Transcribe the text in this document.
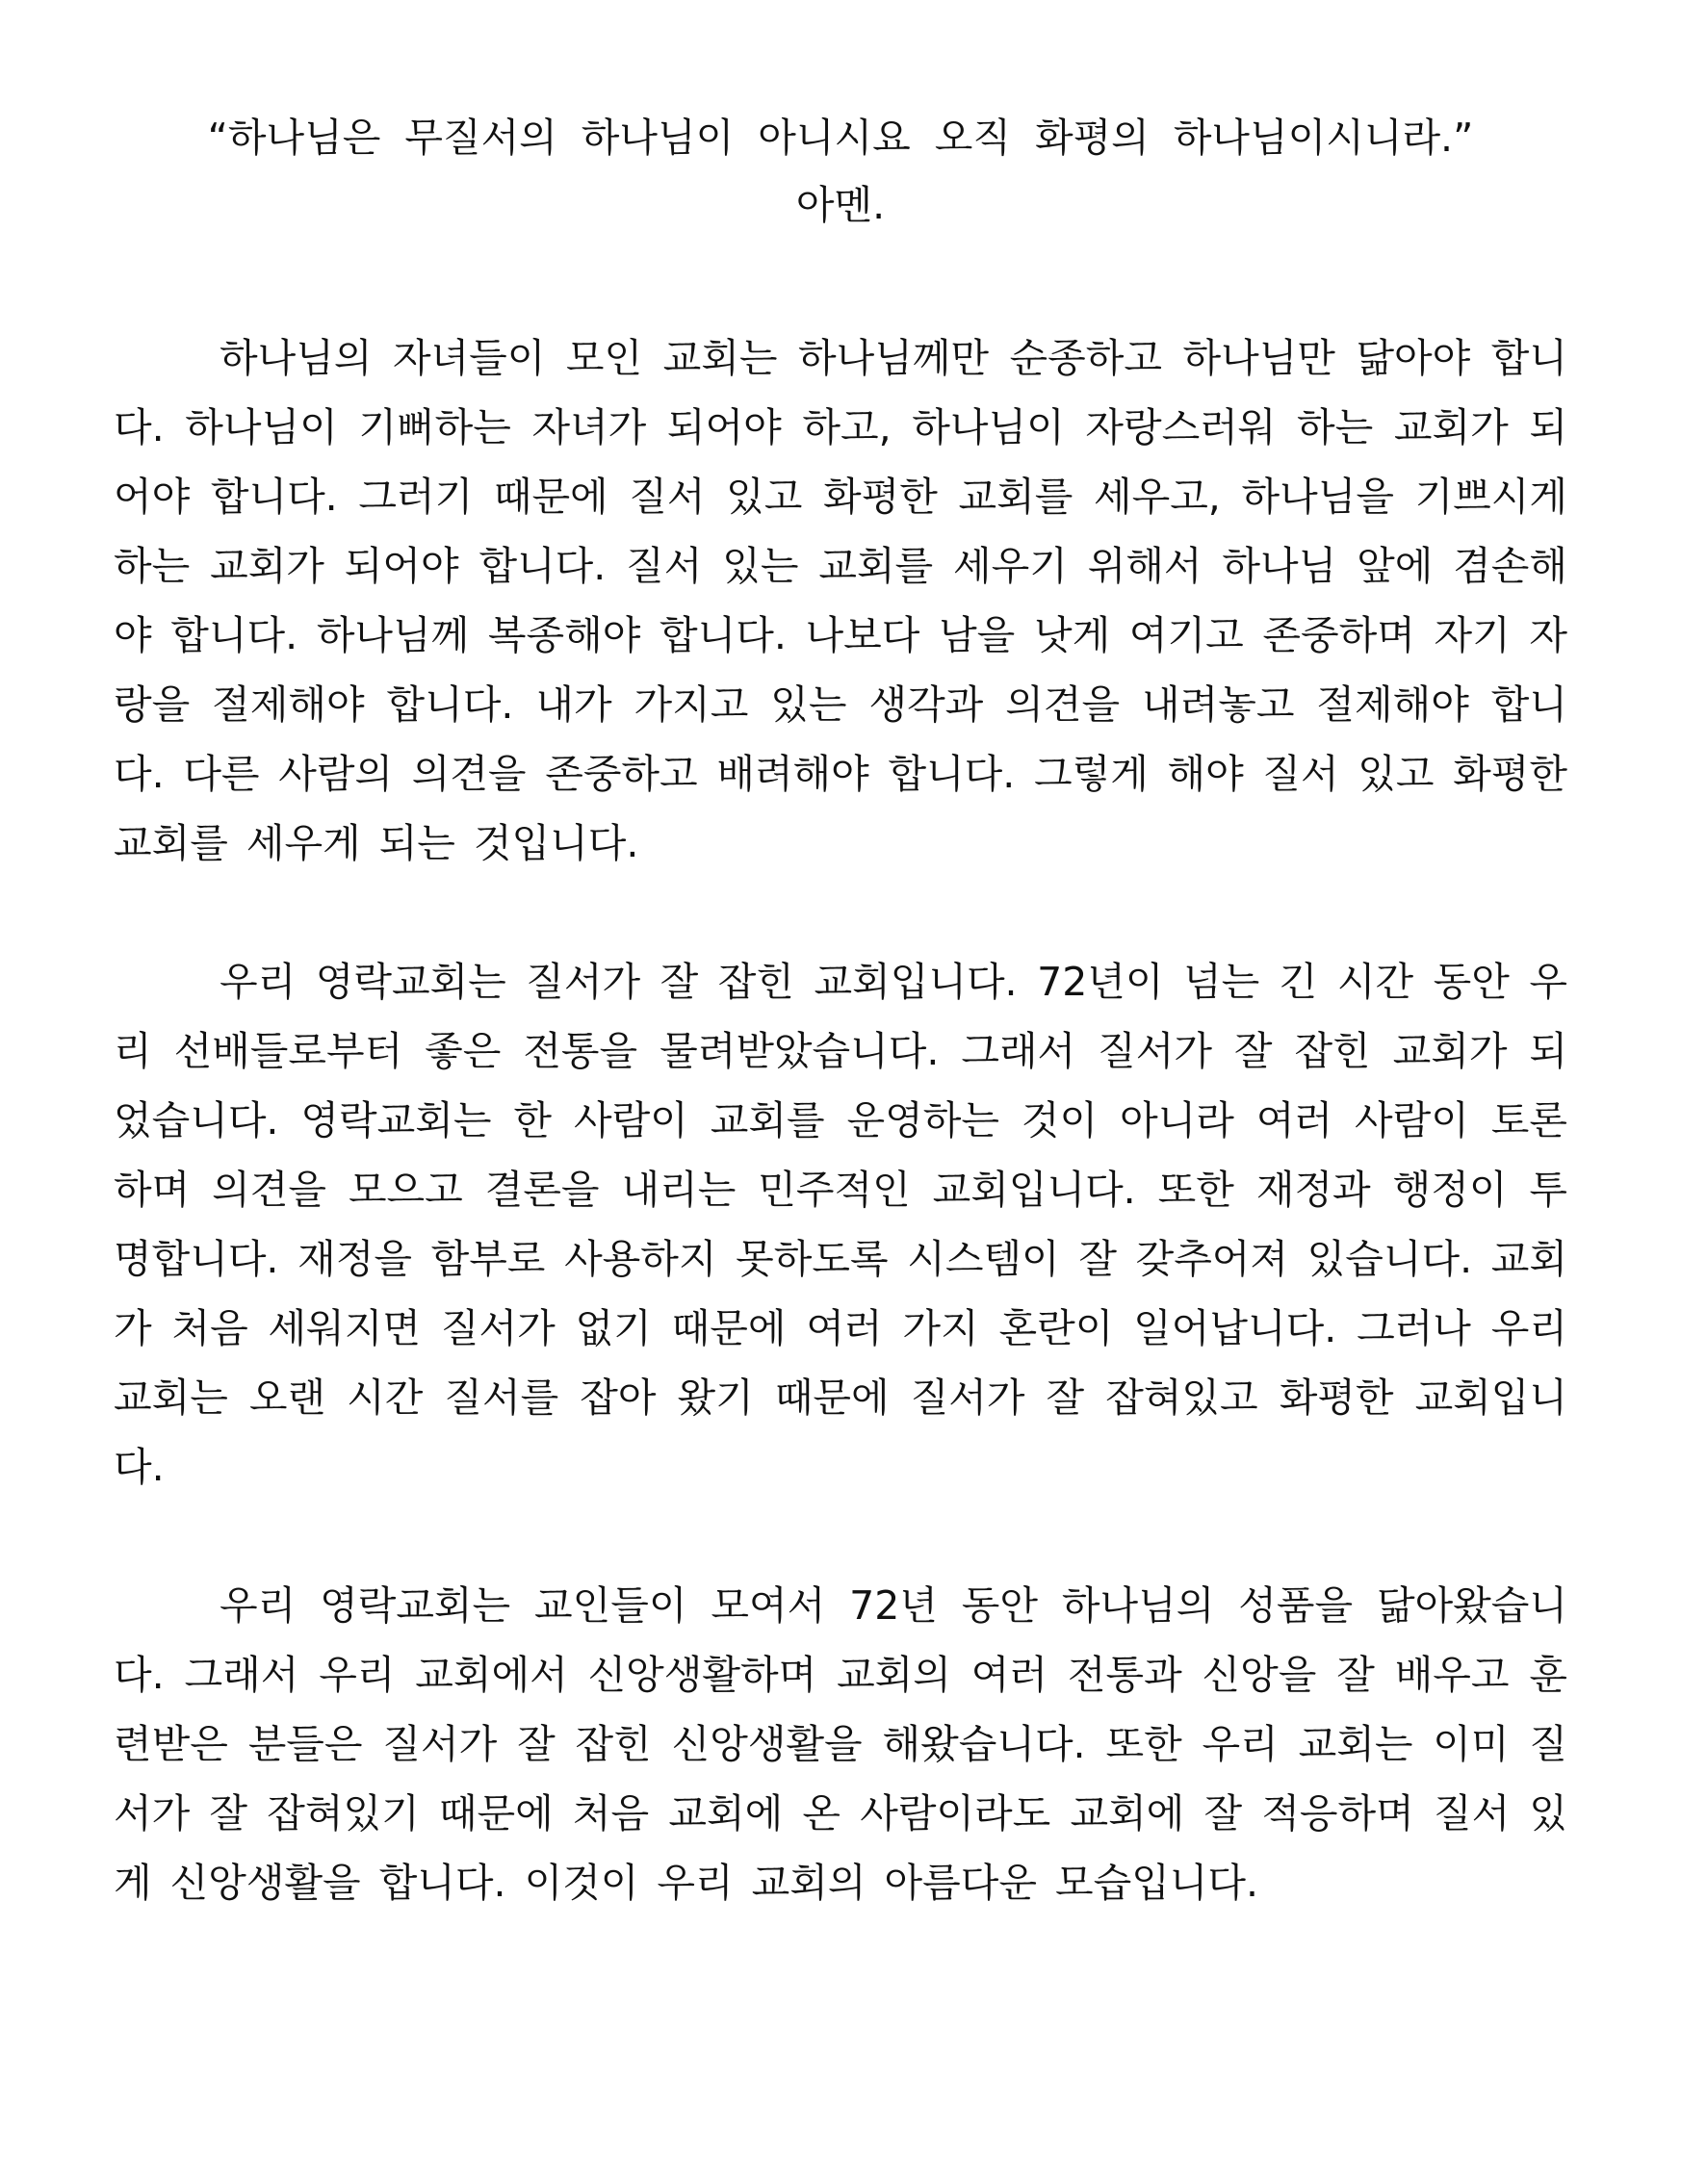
“하나님은 무질서의 하나님이 아니시요 오직 화평의 하나님이시니라.”
아멘.

하나님의 자녀들이 모인 교회는 하나님께만 순종하고 하나님만 닮아야 합니다. 하나님이 기뻐하는 자녀가 되어야 하고, 하나님이 자랑스러워 하는 교회가 되어야 합니다. 그러기 때문에 질서 있고 화평한 교회를 세우고, 하나님을 기쁘시게 하는 교회가 되어야 합니다. 질서 있는 교회를 세우기 위해서 하나님 앞에 겸손해야 합니다. 하나님께 복종해야 합니다. 나보다 남을 낫게 여기고 존중하며 자기 자랑을 절제해야 합니다. 내가 가지고 있는 생각과 의견을 내려놓고 절제해야 합니다. 다른 사람의 의견을 존중하고 배려해야 합니다. 그렇게 해야 질서 있고 화평한 교회를 세우게 되는 것입니다.

우리 영락교회는 질서가 잘 잡힌 교회입니다. 72년이 넘는 긴 시간 동안 우리 선배들로부터 좋은 전통을 물려받았습니다. 그래서 질서가 잘 잡힌 교회가 되었습니다. 영락교회는 한 사람이 교회를 운영하는 것이 아니라 여러 사람이 토론하며 의견을 모으고 결론을 내리는 민주적인 교회입니다. 또한 재정과 행정이 투명합니다. 재정을 함부로 사용하지 못하도록 시스템이 잘 갖추어져 있습니다. 교회가 처음 세워지면 질서가 없기 때문에 여러 가지 혼란이 일어납니다. 그러나 우리 교회는 오랜 시간 질서를 잡아 왔기 때문에 질서가 잘 잡혀있고 화평한 교회입니다.

우리 영락교회는 교인들이 모여서 72년 동안 하나님의 성품을 닮아왔습니다. 그래서 우리 교회에서 신앙생활하며 교회의 여러 전통과 신앙을 잘 배우고 훈련받은 분들은 질서가 잘 잡힌 신앙생활을 해왔습니다. 또한 우리 교회는 이미 질서가 잘 잡혀있기 때문에 처음 교회에 온 사람이라도 교회에 잘 적응하며 질서 있게 신앙생활을 합니다. 이것이 우리 교회의 아름다운 모습입니다.
